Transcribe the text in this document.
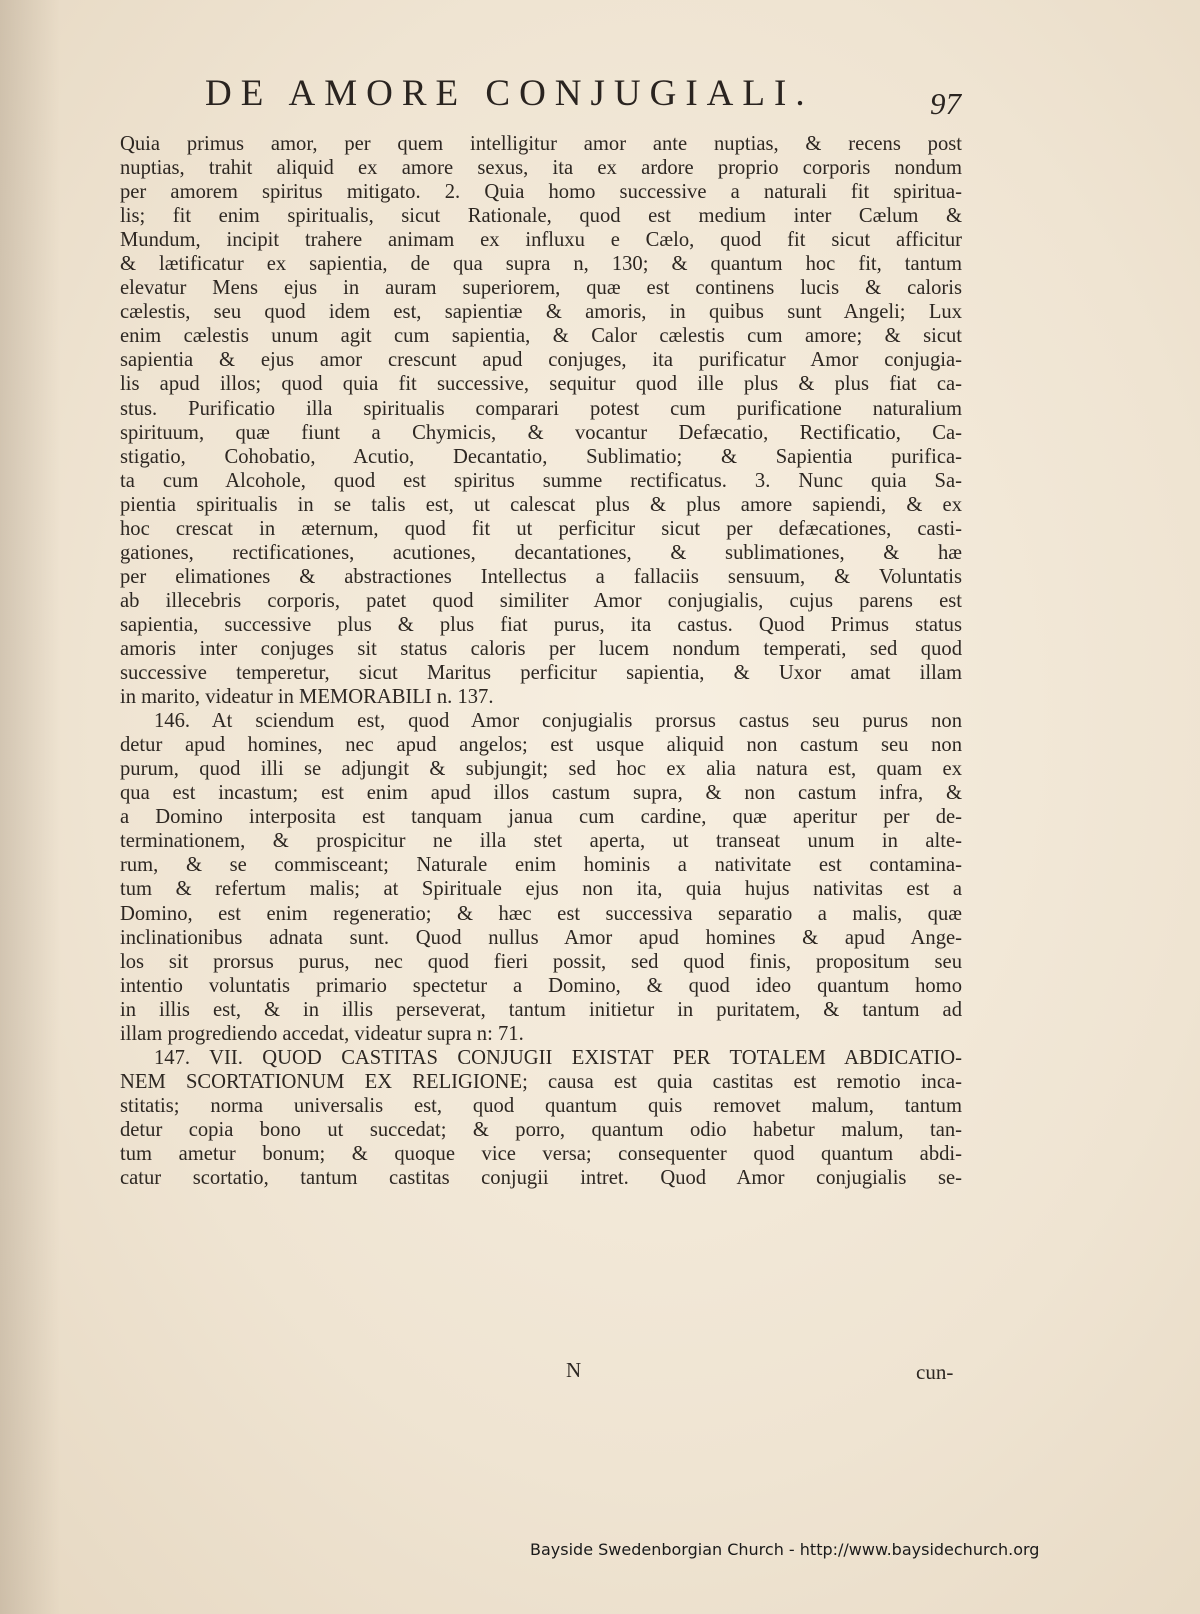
DE AMORE CONJUGIALI.	97
Quia primus amor, per quem intelligitur amor ante nuptias, & recens post
nuptias, trahit aliquid ex amore sexus, ita ex ardore proprio corporis nondum
per amorem spiritus mitigato. 2. Quia homo successive a naturali fit spiritua-
lis; fit enim spiritualis, sicut Rationale, quod est medium inter Cælum &
Mundum, incipit trahere animam ex influxu e Cælo, quod fit sicut afficitur
& lætificatur ex sapientia, de qua supra n, 130; & quantum hoc fit, tantum
elevatur Mens ejus in auram superiorem, quæ est continens lucis & caloris
cælestis, seu quod idem est, sapientiæ & amoris, in quibus sunt Angeli; Lux
enim cælestis unum agit cum sapientia, & Calor cælestis cum amore; & sicut
sapientia & ejus amor crescunt apud conjuges, ita purificatur Amor conjugia-
lis apud illos; quod quia fit successive, sequitur quod ille plus & plus fiat ca-
stus. Purificatio illa spiritualis comparari potest cum purificatione naturalium
spirituum, quæ fiunt a Chymicis, & vocantur Defæcatio, Rectificatio, Ca-
stigatio, Cohobatio, Acutio, Decantatio, Sublimatio; & Sapientia purifica-
ta cum Alcohole, quod est spiritus summe rectificatus. 3. Nunc quia Sa-
pientia spiritualis in se talis est, ut calescat plus & plus amore sapiendi, & ex
hoc crescat in æternum, quod fit ut perficitur sicut per defæcationes, casti-
gationes, rectificationes, acutiones, decantationes, & sublimationes, & hæ
per elimationes & abstractiones Intellectus a fallaciis sensuum, & Voluntatis
ab illecebris corporis, patet quod similiter Amor conjugialis, cujus parens est
sapientia, successive plus & plus fiat purus, ita castus. Quod Primus status
amoris inter conjuges sit status caloris per lucem nondum temperati, sed quod
successive temperetur, sicut Maritus perficitur sapientia, & Uxor amat illam
in marito, videatur in MEMORABILI n. 137.
146. At sciendum est, quod Amor conjugialis prorsus castus seu purus non
detur apud homines, nec apud angelos; est usque aliquid non castum seu non
purum, quod illi se adjungit & subjungit; sed hoc ex alia natura est, quam ex
qua est incastum; est enim apud illos castum supra, & non castum infra, &
a Domino interposita est tanquam janua cum cardine, quæ aperitur per de-
terminationem, & prospicitur ne illa stet aperta, ut transeat unum in alte-
rum, & se commisceant; Naturale enim hominis a nativitate est contamina-
tum & refertum malis; at Spirituale ejus non ita, quia hujus nativitas est a
Domino, est enim regeneratio; & hæc est successiva separatio a malis, quæ
inclinationibus adnata sunt. Quod nullus Amor apud homines & apud Ange-
los sit prorsus purus, nec quod fieri possit, sed quod finis, propositum seu
intentio voluntatis primario spectetur a Domino, & quod ideo quantum homo
in illis est, & in illis perseverat, tantum initietur in puritatem, & tantum ad
illam progrediendo accedat, videatur supra n: 71.
147. VII. QUOD CASTITAS CONJUGII EXISTAT PER TOTALEM ABDICATIO-
NEM SCORTATIONUM EX RELIGIONE; causa est quia castitas est remotio inca-
stitatis; norma universalis est, quod quantum quis removet malum, tantum
detur copia bono ut succedat; & porro, quantum odio habetur malum, tan-
tum ametur bonum; & quoque vice versa; consequenter quod quantum abdi-
catur scortatio, tantum castitas conjugii intret. Quod Amor conjugialis se-
N	cun-
Bayside Swedenborgian Church - http://www.baysidechurch.org
